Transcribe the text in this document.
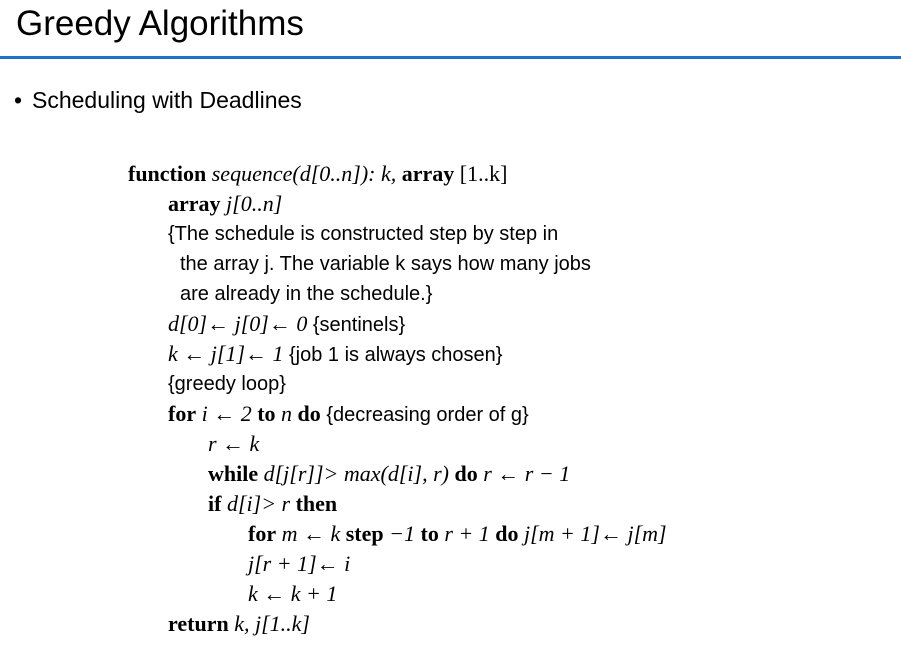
Greedy Algorithms
• Scheduling with Deadlines
function sequence(d[0..n]): k, array [1..k]
array j[0..n]
{The schedule is constructed step by step in
the array j. The variable k says how many jobs
are already in the schedule.}
d[0]← j[0]← 0 {sentinels}
k ← j[1]← 1 {job 1 is always chosen}
{greedy loop}
for i ← 2 to n do {decreasing order of g}
r ← k
while d[j[r]]> max(d[i], r) do r ← r − 1
if d[i]> r then
for m ← k step −1 to r + 1 do j[m + 1]← j[m]
j[r + 1]← i
k ← k + 1
return k, j[1..k]
